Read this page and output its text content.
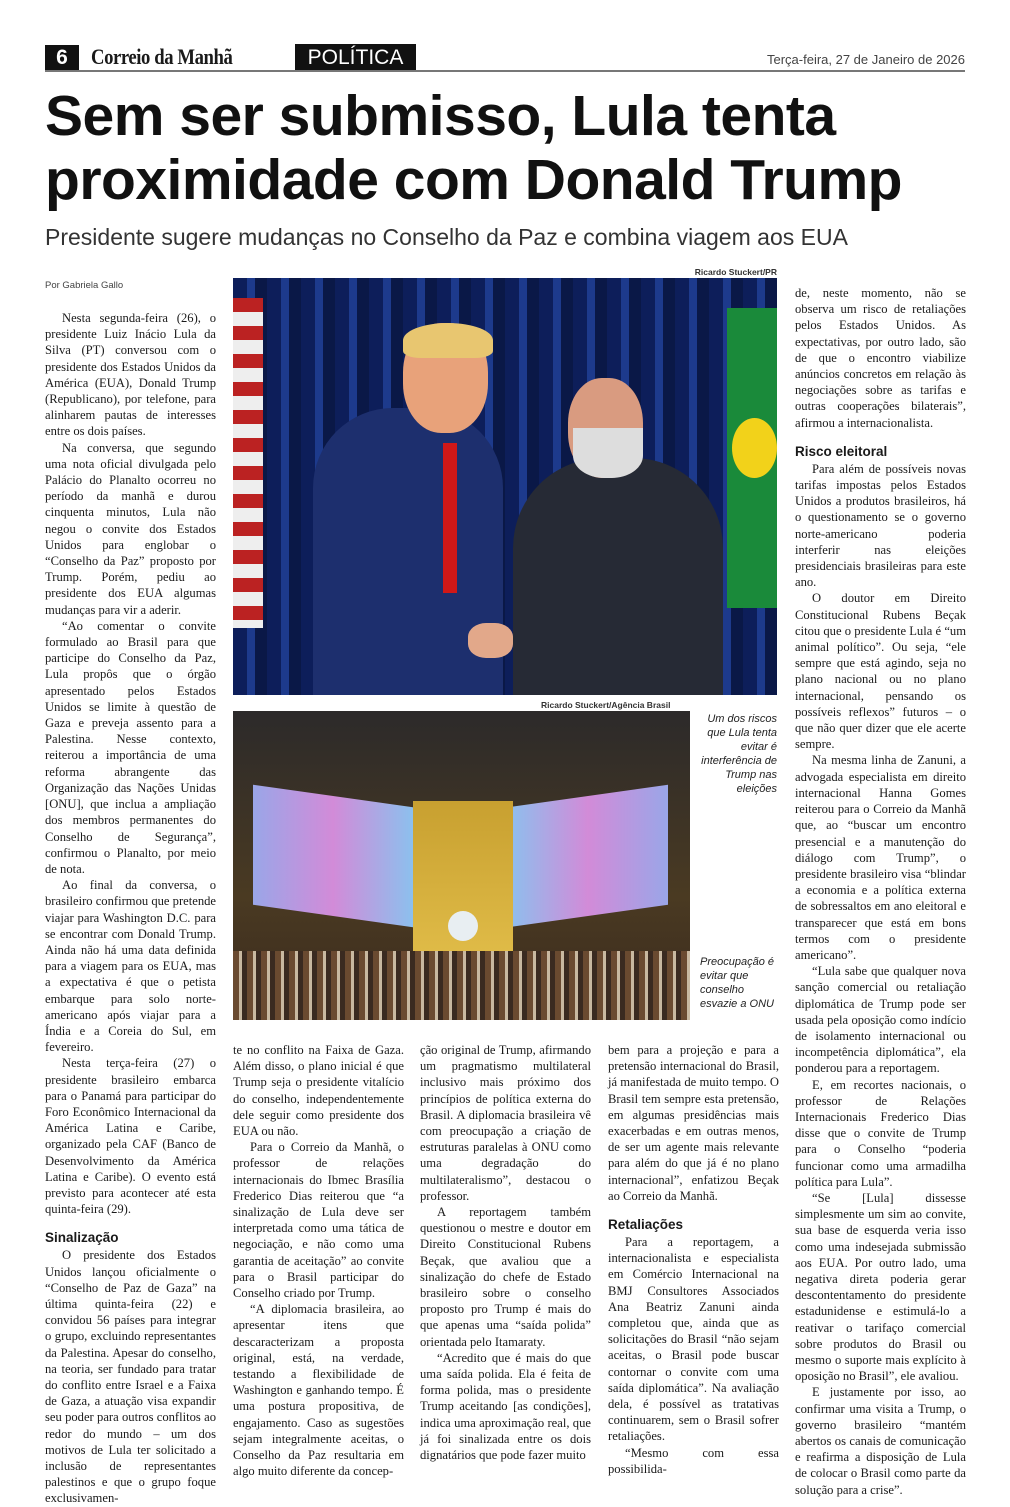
6	Correio da Manhã	POLÍTICA	Terça-feira, 27 de Janeiro de 2026
Sem ser submisso, Lula tenta proximidade com Donald Trump
Presidente sugere mudanças no Conselho da Paz e combina viagem aos EUA
Por Gabriela Gallo
Ricardo Stuckert/PR
Ricardo Stuckert/Agência Brasil
Um dos riscos que Lula tenta evitar é interferência de Trump nas eleições
Preocupação é evitar que conselho esvazie a ONU

Nesta segunda-feira (26), o presidente Luiz Inácio Lula da Silva (PT) conversou com o presidente dos Estados Unidos da América (EUA), Donald Trump (Republicano), por telefone, para alinharem pautas de interesses entre os dois países.

Na conversa, que segundo uma nota oficial divulgada pelo Palácio do Planalto ocorreu no período da manhã e durou cinquenta minutos, Lula não negou o convite dos Estados Unidos para englobar o “Conselho da Paz” proposto por Trump. Porém, pediu ao presidente dos EUA algumas mudanças para vir a aderir.

“Ao comentar o convite formulado ao Brasil para que participe do Conselho da Paz, Lula propôs que o órgão apresentado pelos Estados Unidos se limite à questão de Gaza e preveja assento para a Palestina. Nesse contexto, reiterou a importância de uma reforma abrangente das Organização das Nações Unidas [ONU], que inclua a ampliação dos membros permanentes do Conselho de Segurança”, confirmou o Planalto, por meio de nota.

Ao final da conversa, o brasileiro confirmou que pretende viajar para Washington D.C. para se encontrar com Donald Trump. Ainda não há uma data definida para a viagem para os EUA, mas a expectativa é que o petista embarque para solo norte-americano após viajar para a Índia e a Coreia do Sul, em fevereiro.

Nesta terça-feira (27) o presidente brasileiro embarca para o Panamá para participar do Foro Econômico Internacional da América Latina e Caribe, organizado pela CAF (Banco de Desenvolvimento da América Latina e Caribe). O evento está previsto para acontecer até esta quinta-feira (29).

Sinalização

O presidente dos Estados Unidos lançou oficialmente o “Conselho de Paz de Gaza” na última quinta-feira (22) e convidou 56 países para integrar o grupo, excluindo representantes da Palestina. Apesar do conselho, na teoria, ser fundado para tratar do conflito entre Israel e a Faixa de Gaza, a atuação visa expandir seu poder para outros conflitos ao redor do mundo – um dos motivos de Lula ter solicitado a inclusão de representantes palestinos e que o grupo foque exclusivamen-

te no conflito na Faixa de Gaza. Além disso, o plano inicial é que Trump seja o presidente vitalício do conselho, independentemente dele seguir como presidente dos EUA ou não.

Para o Correio da Manhã, o professor de relações internacionais do Ibmec Brasília Frederico Dias reiterou que “a sinalização de Lula deve ser interpretada como uma tática de negociação, e não como uma garantia de aceitação” ao convite para o Brasil participar do Conselho criado por Trump.

“A diplomacia brasileira, ao apresentar itens que descaracterizam a proposta original, está, na verdade, testando a flexibilidade de Washington e ganhando tempo. É uma postura propositiva, de engajamento. Caso as sugestões sejam integralmente aceitas, o Conselho da Paz resultaria em algo muito diferente da concep-

ção original de Trump, afirmando um pragmatismo multilateral inclusivo mais próximo dos princípios de política externa do Brasil. A diplomacia brasileira vê com preocupação a criação de estruturas paralelas à ONU como uma degradação do multilateralismo”, destacou o professor.

A reportagem também questionou o mestre e doutor em Direito Constitucional Rubens Beçak, que avaliou que a sinalização do chefe de Estado brasileiro sobre o conselho proposto pro Trump é mais do que apenas uma “saída polida” orientada pelo Itamaraty.

“Acredito que é mais do que uma saída polida. Ela é feita de forma polida, mas o presidente Trump aceitando [as condições], indica uma aproximação real, que já foi sinalizada entre os dois dignatários que pode fazer muito

bem para a projeção e para a pretensão internacional do Brasil, já manifestada de muito tempo. O Brasil tem sempre esta pretensão, em algumas presidências mais exacerbadas e em outras menos, de ser um agente mais relevante para além do que já é no plano internacional”, enfatizou Beçak ao Correio da Manhã.

Retaliações

Para a reportagem, a internacionalista e especialista em Comércio Internacional na BMJ Consultores Associados Ana Beatriz Zanuni ainda completou que, ainda que as solicitações do Brasil “não sejam aceitas, o Brasil pode buscar contornar o convite com uma saída diplomática”. Na avaliação dela, é possível as tratativas continuarem, sem o Brasil sofrer retaliações.

“Mesmo com essa possibilida-

de, neste momento, não se observa um risco de retaliações pelos Estados Unidos. As expectativas, por outro lado, são de que o encontro viabilize anúncios concretos em relação às negociações sobre as tarifas e outras cooperações bilaterais”, afirmou a internacionalista.

Risco eleitoral

Para além de possíveis novas tarifas impostas pelos Estados Unidos a produtos brasileiros, há o questionamento se o governo norte-americano poderia interferir nas eleições presidenciais brasileiras para este ano.

O doutor em Direito Constitucional Rubens Beçak citou que o presidente Lula é “um animal político”. Ou seja, “ele sempre que está agindo, seja no plano nacional ou no plano internacional, pensando os possíveis reflexos” futuros – o que não quer dizer que ele acerte sempre.

Na mesma linha de Zanuni, a advogada especialista em direito internacional Hanna Gomes reiterou para o Correio da Manhã que, ao “buscar um encontro presencial e a manutenção do diálogo com Trump”, o presidente brasileiro visa “blindar a economia e a política externa de sobressaltos em ano eleitoral e transparecer que está em bons termos com o presidente americano”.

“Lula sabe que qualquer nova sanção comercial ou retaliação diplomática de Trump pode ser usada pela oposição como indício de isolamento internacional ou incompetência diplomática”, ela ponderou para a reportagem.

E, em recortes nacionais, o professor de Relações Internacionais Frederico Dias disse que o convite de Trump para o Conselho “poderia funcionar como uma armadilha política para Lula”.

“Se [Lula] dissesse simplesmente um sim ao convite, sua base de esquerda veria isso como uma indesejada submissão aos EUA. Por outro lado, uma negativa direta poderia gerar descontentamento do presidente estadunidense e estimulá-lo a reativar o tarifaço comercial sobre produtos do Brasil ou mesmo o suporte mais explícito à oposição no Brasil”, ele avaliou.

E justamente por isso, ao confirmar uma visita a Trump, o governo brasileiro “mantém abertos os canais de comunicação e reafirma a disposição de Lula de colocar o Brasil como parte da solução para a crise”.
